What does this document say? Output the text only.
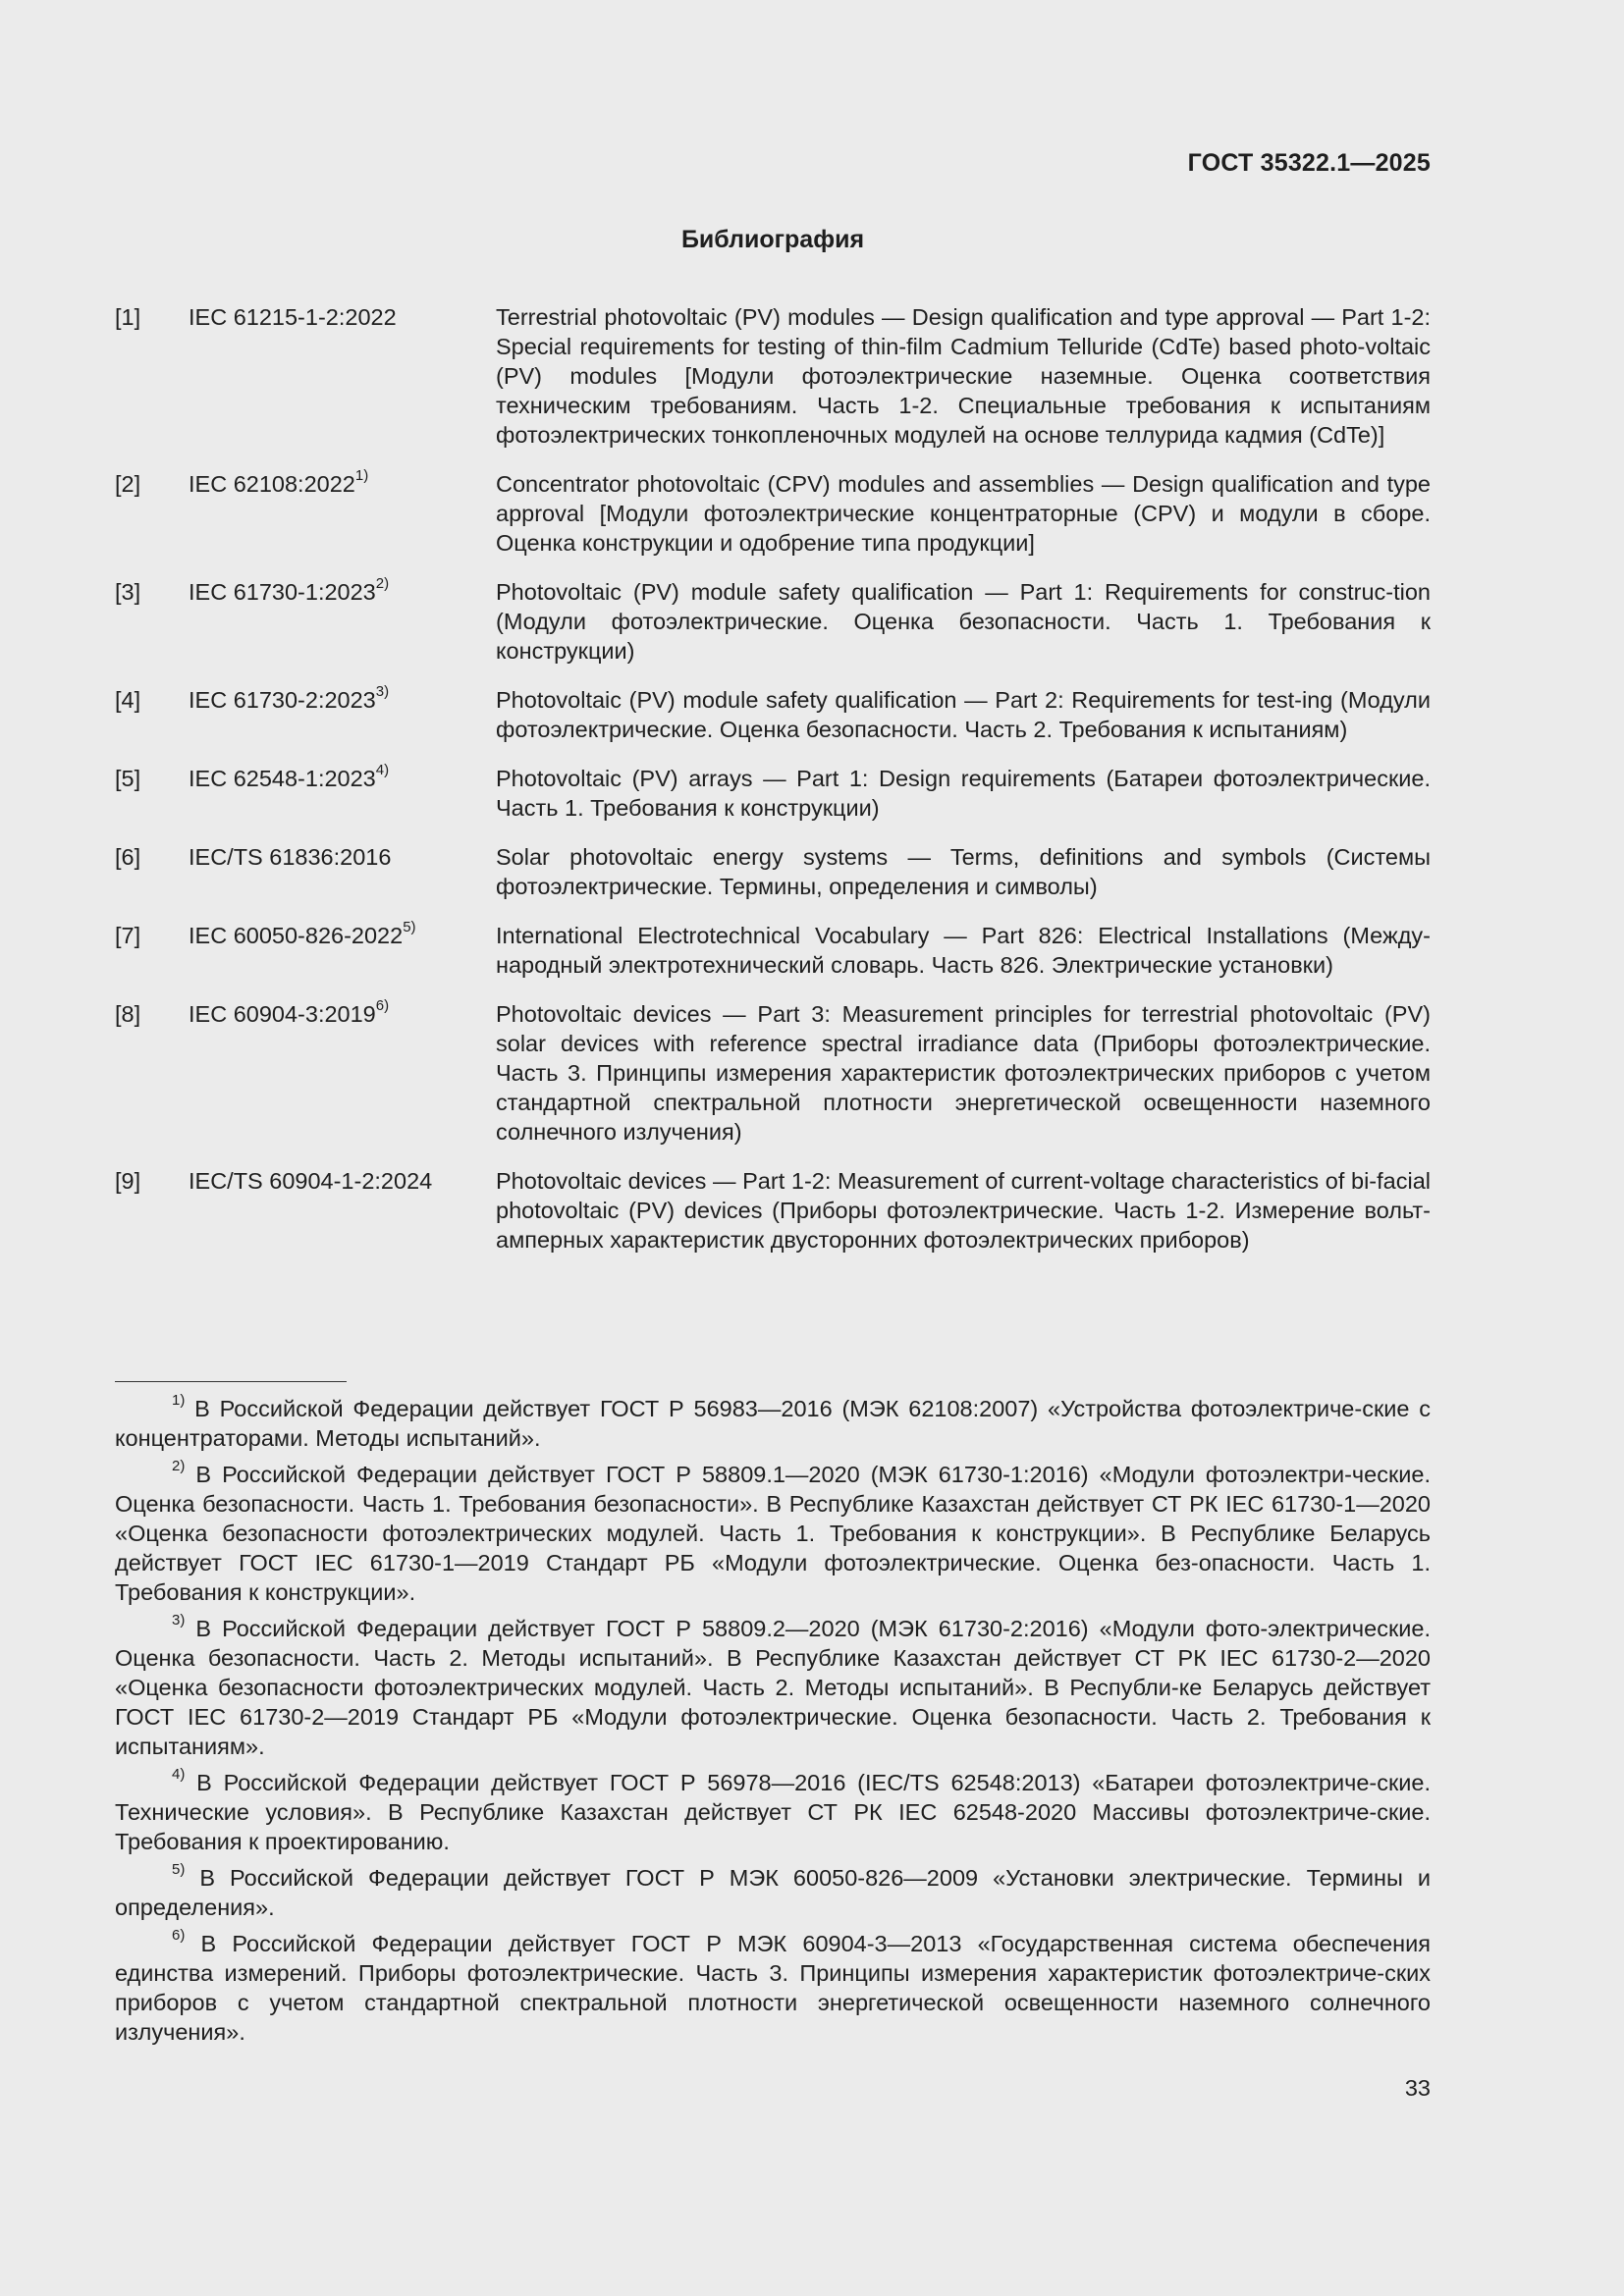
ГОСТ 35322.1—2025
Библиография
[1]	IEC 61215-1-2:2022	Terrestrial photovoltaic (PV) modules — Design qualification and type approval — Part 1-2: Special requirements for testing of thin-film Cadmium Telluride (CdTe) based photo-voltaic (PV) modules [Модули фотоэлектрические наземные. Оценка соответствия техническим требованиям. Часть 1-2. Специальные требования к испытаниям фотоэлектрических тонкопленочных модулей на основе теллурида кадмия (CdTe)]
[2]	IEC 62108:2022$^{1)}$	Concentrator photovoltaic (CPV) modules and assemblies — Design qualification and type approval [Модули фотоэлектрические концентраторные (CPV) и модули в сборе. Оценка конструкции и одобрение типа продукции]
[3]	IEC 61730-1:2023$^{2)}$	Photovoltaic (PV) module safety qualification — Part 1: Requirements for construc-tion (Модули фотоэлектрические. Оценка безопасности. Часть 1. Требования к конструкции)
[4]	IEC 61730-2:2023$^{3)}$	Photovoltaic (PV) module safety qualification — Part 2: Requirements for test-ing (Модули фотоэлектрические. Оценка безопасности. Часть 2. Требования к испытаниям)
[5]	IEC 62548-1:2023$^{4)}$	Photovoltaic (PV) arrays — Part 1: Design requirements (Батареи фотоэлектрические. Часть 1. Требования к конструкции)
[6]	IEC/TS 61836:2016	Solar photovoltaic energy systems — Terms, definitions and symbols (Системы фотоэлектрические. Термины, определения и символы)
[7]	IEC 60050-826-2022$^{5)}$	International Electrotechnical Vocabulary — Part 826: Electrical Installations (Между-народный электротехнический словарь. Часть 826. Электрические установки)
[8]	IEC 60904-3:2019$^{6)}$	Photovoltaic devices — Part 3: Measurement principles for terrestrial photovoltaic (PV) solar devices with reference spectral irradiance data (Приборы фотоэлектрические. Часть 3. Принципы измерения характеристик фотоэлектрических приборов с учетом стандартной спектральной плотности энергетической освещенности наземного солнечного излучения)
[9]	IEC/TS 60904-1-2:2024	Photovoltaic devices — Part 1-2: Measurement of current-voltage characteristics of bi-facial photovoltaic (PV) devices (Приборы фотоэлектрические. Часть 1-2. Измерение вольт-амперных характеристик двусторонних фотоэлектрических приборов)
$^{1)}$ В Российской Федерации действует ГОСТ Р 56983—2016 (МЭК 62108:2007) «Устройства фотоэлектриче-ские с концентраторами. Методы испытаний».
$^{2)}$ В Российской Федерации действует ГОСТ Р 58809.1—2020 (МЭК 61730-1:2016) «Модули фотоэлектри-ческие. Оценка безопасности. Часть 1. Требования безопасности». В Республике Казахстан действует СТ РК IEC 61730-1—2020 «Оценка безопасности фотоэлектрических модулей. Часть 1. Требования к конструкции». В Республике Беларусь действует ГОСТ IEC 61730-1—2019 Стандарт РБ «Модули фотоэлектрические. Оценка без-опасности. Часть 1. Требования к конструкции».
$^{3)}$ В Российской Федерации действует ГОСТ Р 58809.2—2020 (МЭК 61730-2:2016) «Модули фото-электрические. Оценка безопасности. Часть 2. Методы испытаний». В Республике Казахстан действует СТ РК IEC 61730-2—2020 «Оценка безопасности фотоэлектрических модулей. Часть 2. Методы испытаний». В Республи-ке Беларусь действует ГОСТ IEC 61730-2—2019 Стандарт РБ «Модули фотоэлектрические. Оценка безопасности. Часть 2. Требования к испытаниям».
$^{4)}$ В Российской Федерации действует ГОСТ Р 56978—2016 (IEC/TS 62548:2013) «Батареи фотоэлектриче-ские. Технические условия». В Республике Казахстан действует СТ РК IEC 62548-2020 Массивы фотоэлектриче-ские. Требования к проектированию.
$^{5)}$ В Российской Федерации действует ГОСТ Р МЭК 60050-826—2009 «Установки электрические. Термины и определения».
$^{6)}$ В Российской Федерации действует ГОСТ Р МЭК 60904-3—2013 «Государственная система обеспечения единства измерений. Приборы фотоэлектрические. Часть 3. Принципы измерения характеристик фотоэлектриче-ских приборов с учетом стандартной спектральной плотности энергетической освещенности наземного солнечного излучения».
33
